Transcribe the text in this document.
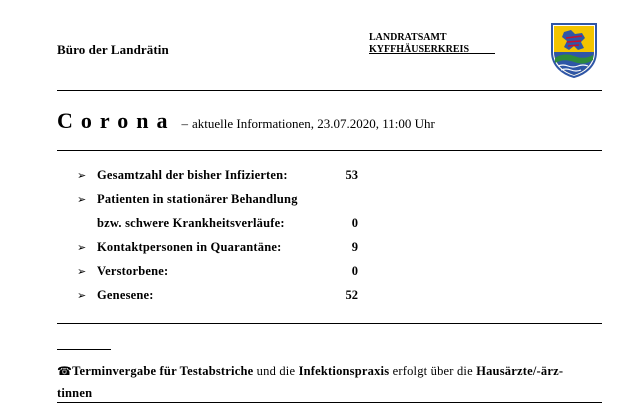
Büro der Landrätin
LANDRATSAMT
KYFFHÄUSERKREIS
Corona – aktuelle Informationen, 23.07.2020, 11:00 Uhr
➢ Gesamtzahl der bisher Infizierten:	53
➢ Patienten in stationärer Behandlung
bzw. schwere Krankheitsverläufe:	0
➢ Kontaktpersonen in Quarantäne:	9
➢ Verstorbene:	0
➢ Genesene:	52
☎Terminvergabe für Testabstriche und die Infektionspraxis erfolgt über die Hausärzte/-ärz-
tinnen
